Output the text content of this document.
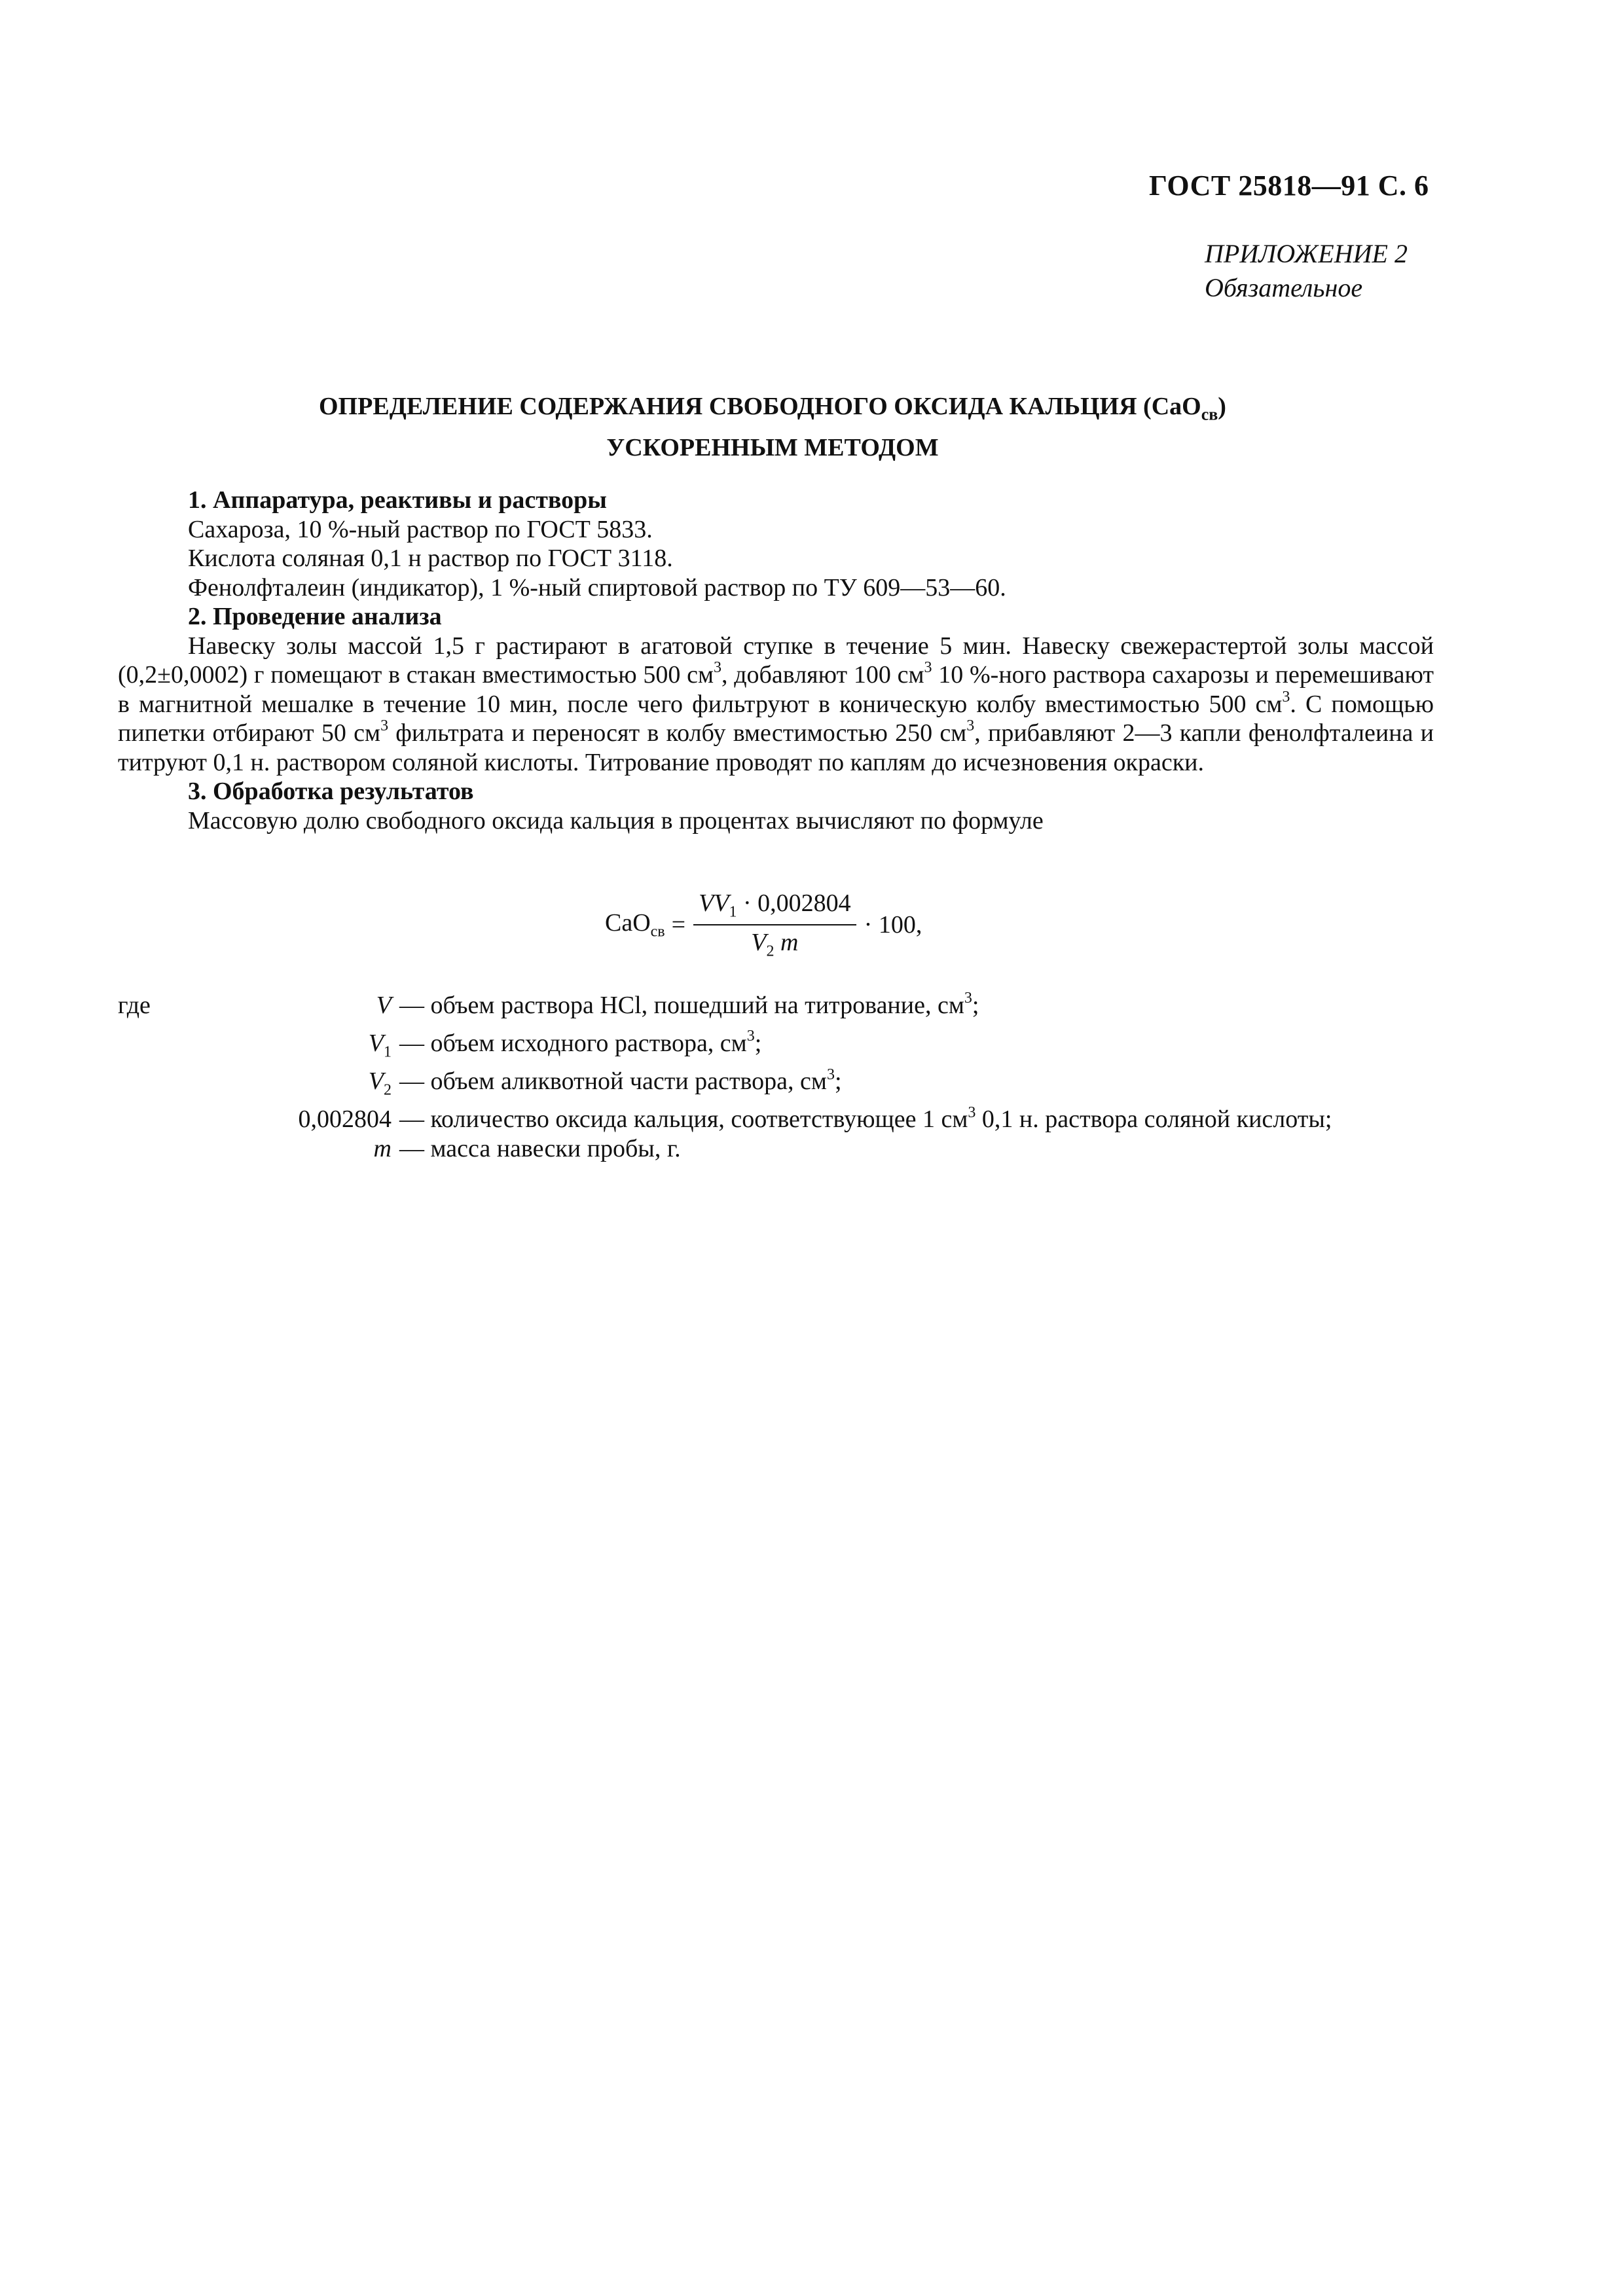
ГОСТ 25818—91 С. 6
ПРИЛОЖЕНИЕ 2
Обязательное
ОПРЕДЕЛЕНИЕ СОДЕРЖАНИЯ СВОБОДНОГО ОКСИДА КАЛЬЦИЯ (CaO$_{св}$)
УСКОРЕННЫМ МЕТОДОМ

1. Аппаратура, реактивы и растворы

Сахароза, 10 %-ный раствор по ГОСТ 5833.

Кислота соляная 0,1 н раствор по ГОСТ 3118.

Фенолфталеин (индикатор), 1 %-ный спиртовой раствор по ТУ 609—53—60.

2. Проведение анализа

Навеску золы массой 1,5 г растирают в агатовой ступке в течение 5 мин. Навеску свежерастертой золы массой (0,2±0,0002) г помещают в стакан вместимостью 500 $см^3$, добавляют 100 $см^3$ 10 %-ного раствора сахарозы и перемешивают в магнитной мешалке в течение 10 мин, после чего фильтруют в коническую колбу вместимостью 500 $см^3$. С помощью пипетки отбирают 50 $см^3$ фильтрата и переносят в колбу вместимостью 250 $см^3$, прибавляют 2—3 капли фенолфталеина и титруют 0,1 н. раствором соляной кислоты. Титрование проводят по каплям до исчезновения окраски.

3. Обработка результатов

Массовую долю свободного оксида кальция в процентах вычисляют по формуле

$CaO_{св} = \frac{VV_1 \cdot 0,002804}{V_2 m} \cdot 100$,
где	V — объем раствора HCl, пошедший на титрование, $см^3$;
$V_1$ — объем исходного раствора, $см^3$;
$V_2$ — объем аликвотной части раствора, $см^3$;
0,002804 — количество оксида кальция, соответствующее 1 $см^3$ 0,1 н. раствора соляной кислоты;
m — масса навески пробы, г.
